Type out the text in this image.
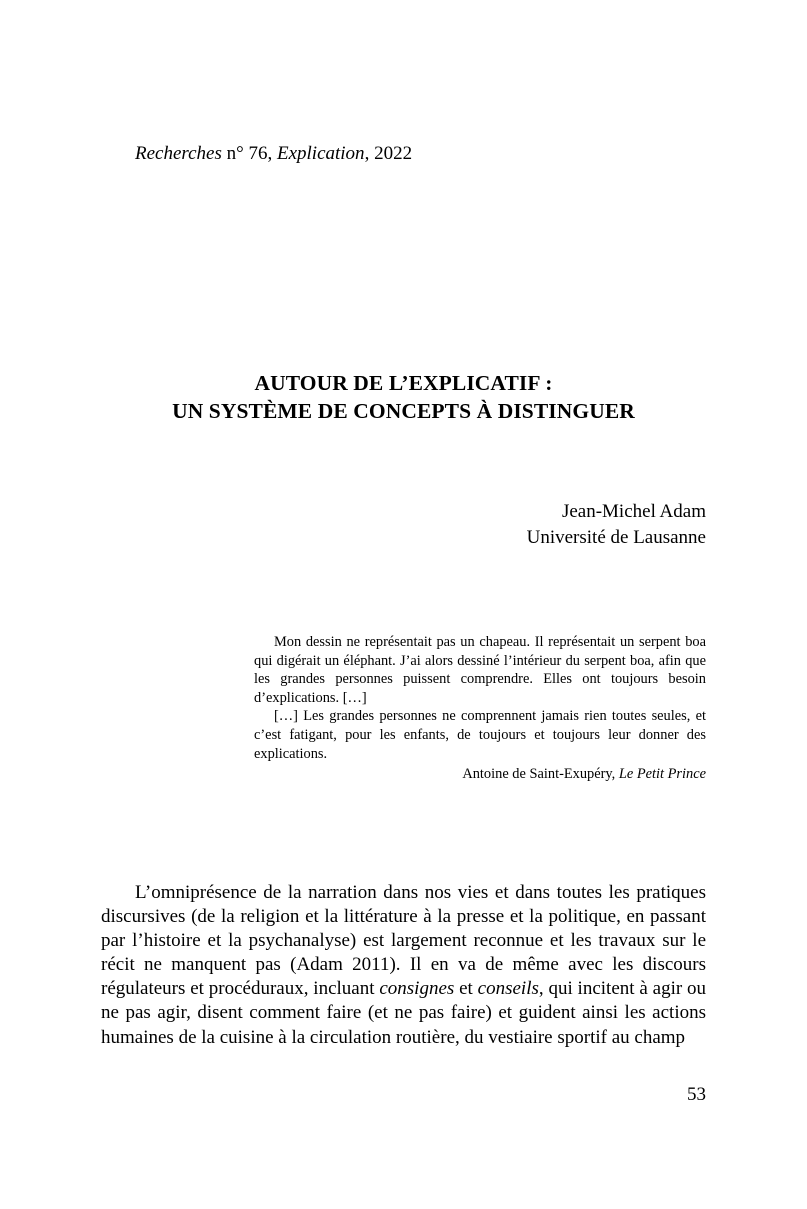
Recherches n° 76, Explication, 2022
AUTOUR DE L’EXPLICATIF :
UN SYSTÈME DE CONCEPTS À DISTINGUER
Jean-Michel Adam
Université de Lausanne

Mon dessin ne représentait pas un chapeau. Il représentait un serpent boa qui digérait un éléphant. J’ai alors dessiné l’intérieur du serpent boa, afin que les grandes personnes puissent comprendre. Elles ont toujours besoin d’explications. […]

[…] Les grandes personnes ne comprennent jamais rien toutes seules, et c’est fatigant, pour les enfants, de toujours et toujours leur donner des explications.

Antoine de Saint-Exupéry, Le Petit Prince

L’omniprésence de la narration dans nos vies et dans toutes les pratiques discursives (de la religion et la littérature à la presse et la politique, en passant par l’histoire et la psychanalyse) est largement reconnue et les travaux sur le récit ne manquent pas (Adam 2011). Il en va de même avec les discours régulateurs et procéduraux, incluant consignes et conseils, qui incitent à agir ou ne pas agir, disent comment faire (et ne pas faire) et guident ainsi les actions humaines de la cuisine à la circulation routière, du vestiaire sportif au champ

53
